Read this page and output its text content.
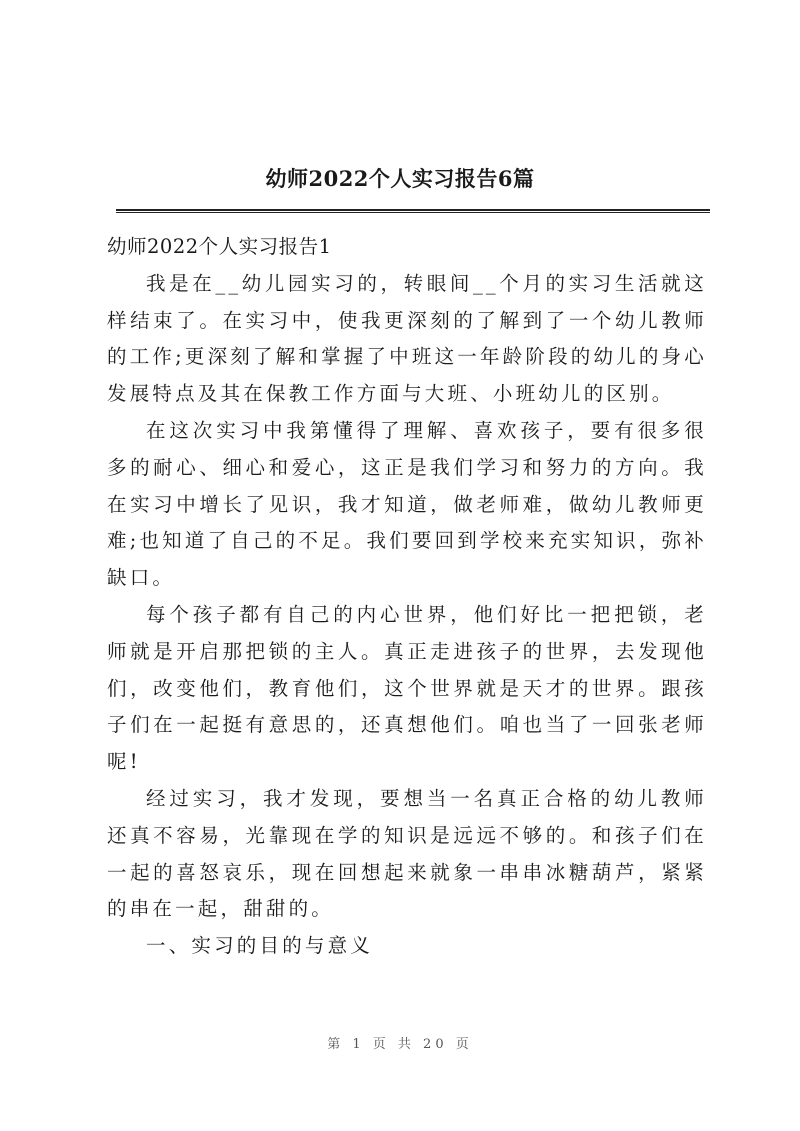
幼师2022个人实习报告6篇
幼师2022个人实习报告1

我是在__幼儿园实习的，转眼间__个月的实习生活就这样结束了。在实习中，使我更深刻的了解到了一个幼儿教师的工作;更深刻了解和掌握了中班这一年龄阶段的幼儿的身心发展特点及其在保教工作方面与大班、小班幼儿的区别。

在这次实习中我第懂得了理解、喜欢孩子，要有很多很多的耐心、细心和爱心，这正是我们学习和努力的方向。我在实习中增长了见识，我才知道，做老师难，做幼儿教师更难;也知道了自己的不足。我们要回到学校来充实知识，弥补缺口。

每个孩子都有自己的内心世界，他们好比一把把锁，老师就是开启那把锁的主人。真正走进孩子的世界，去发现他们，改变他们，教育他们，这个世界就是天才的世界。跟孩子们在一起挺有意思的，还真想他们。咱也当了一回张老师呢!

经过实习，我才发现，要想当一名真正合格的幼儿教师还真不容易，光靠现在学的知识是远远不够的。和孩子们在一起的喜怒哀乐，现在回想起来就象一串串冰糖葫芦，紧紧的串在一起，甜甜的。

一、实习的目的与意义

第 1 页 共 20 页
